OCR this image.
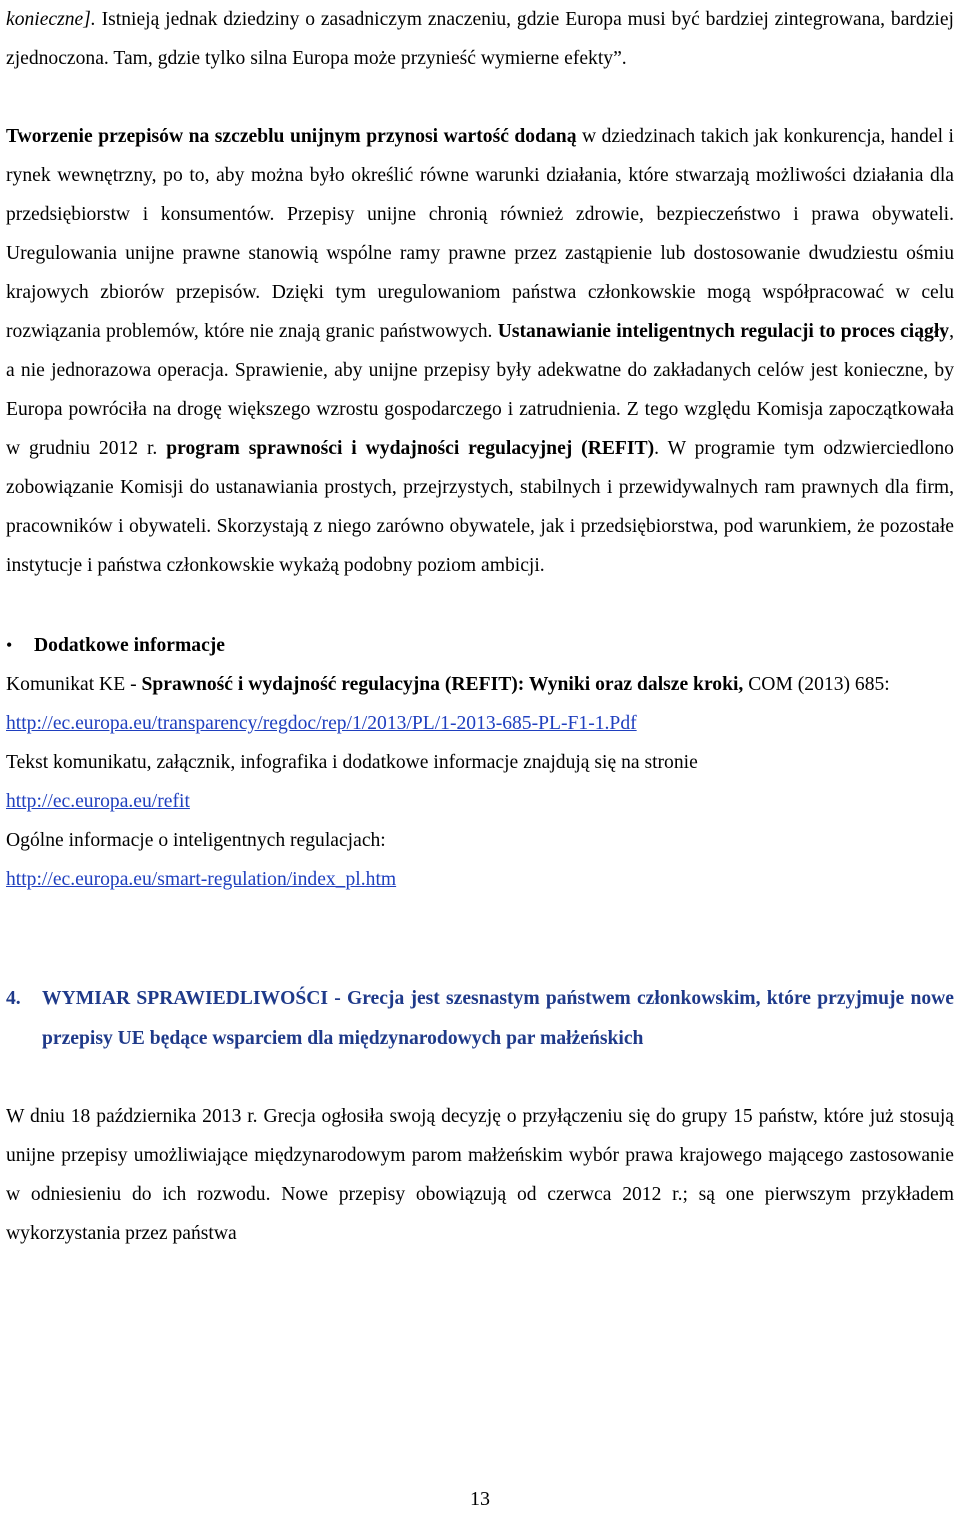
konieczne]. Istnieją jednak dziedziny o zasadniczym znaczeniu, gdzie Europa musi być bardziej zintegrowana, bardziej zjednoczona. Tam, gdzie tylko silna Europa może przynieść wymierne efekty”.

Tworzenie przepisów na szczeblu unijnym przynosi wartość dodaną w dziedzinach takich jak konkurencja, handel i rynek wewnętrzny, po to, aby można było określić równe warunki działania, które stwarzają możliwości działania dla przedsiębiorstw i konsumentów. Przepisy unijne chronią również zdrowie, bezpieczeństwo i prawa obywateli. Uregulowania unijne prawne stanowią wspólne ramy prawne przez zastąpienie lub dostosowanie dwudziestu ośmiu krajowych zbiorów przepisów. Dzięki tym uregulowaniom państwa członkowskie mogą współpracować w celu rozwiązania problemów, które nie znają granic państwowych. Ustanawianie inteligentnych regulacji to proces ciągły, a nie jednorazowa operacja. Sprawienie, aby unijne przepisy były adekwatne do zakładanych celów jest konieczne, by Europa powróciła na drogę większego wzrostu gospodarczego i zatrudnienia. Z tego względu Komisja zapoczątkowała w grudniu 2012 r. program sprawności i wydajności regulacyjnej (REFIT). W programie tym odzwierciedlono zobowiązanie Komisji do ustanawiania prostych, przejrzystych, stabilnych i przewidywalnych ram prawnych dla firm, pracowników i obywateli. Skorzystają z niego zarówno obywatele, jak i przedsiębiorstwa, pod warunkiem, że pozostałe instytucje i państwa członkowskie wykażą podobny poziom ambicji.

•	Dodatkowe informacje

Komunikat KE - Sprawność i wydajność regulacyjna (REFIT): Wyniki oraz dalsze kroki, COM (2013) 685:

http://ec.europa.eu/transparency/regdoc/rep/1/2013/PL/1-2013-685-PL-F1-1.Pdf

Tekst komunikatu, załącznik, infografika i dodatkowe informacje znajdują się na stronie

http://ec.europa.eu/refit

Ogólne informacje o inteligentnych regulacjach:

http://ec.europa.eu/smart-regulation/index_pl.htm

4. WYMIAR SPRAWIEDLIWOŚCI - Grecja jest szesnastym państwem członkowskim, które przyjmuje nowe przepisy UE będące wsparciem dla międzynarodowych par małżeńskich

W dniu 18 października 2013 r. Grecja ogłosiła swoją decyzję o przyłączeniu się do grupy 15 państw, które już stosują unijne przepisy umożliwiające międzynarodowym parom małżeńskim wybór prawa krajowego mającego zastosowanie w odniesieniu do ich rozwodu. Nowe przepisy obowiązują od czerwca 2012 r.; są one pierwszym przykładem wykorzystania przez państwa

13
